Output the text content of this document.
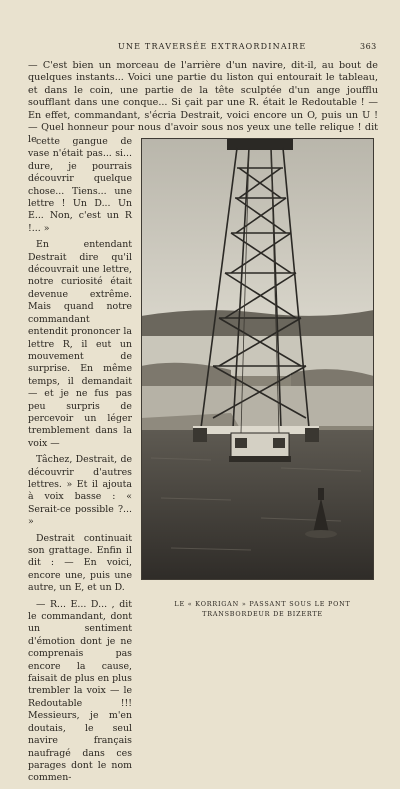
UNE TRAVERSÉE EXTRAORDINAIRE	363
— C'est bien un morceau de l'arrière d'un navire, dit-il, au bout de quelques instants... Voici une partie du liston qui entourait le tableau, et dans le coin, une partie de la tête sculptée d'un ange joufflu soufflant dans une conque... Si çait par une R. était le Redoutable ! — En effet, commandant, s'écria Destrait, voici encore un O, puis un U ! — Quel honneur pour nous d'avoir sous nos yeux une telle relique ! dit le cette gangue de vase n'était pas... si... dure, je pourrais découvrir quelque chose... Tiens... une lettre ! Un D... Un E... Non, c'est un R !... »

En entendant Destrait dire qu'il découvrait une lettre, notre curiosité était devenue extrême. Mais quand notre commandant entendit prononcer la lettre R, il eut un mouvement de surprise. En même temps, il demandait — et je ne fus pas peu surpris de percevoir un léger tremblement dans la voix —

Tâchez, Destrait, de découvrir d'autres lettres. » Et il ajouta à voix basse : « Serait-ce possible ?... »

Destrait continuait son grattage. Enfin il dit : — En voici, encore une, puis une autre, un E, et un D.

— R... E... D... , dit le commandant, dont un sentiment d'émotion dont je ne comprenais pas encore la cause, faisait de plus en plus trembler la voix — le Redoutable !!! Messieurs, je m'en doutais, le seul navire français naufragé dans ces parages dont le nom commen-

LE « KORRIGAN » PASSANT SOUS LE PONT TRANSBORDEUR DE BIZERTE
